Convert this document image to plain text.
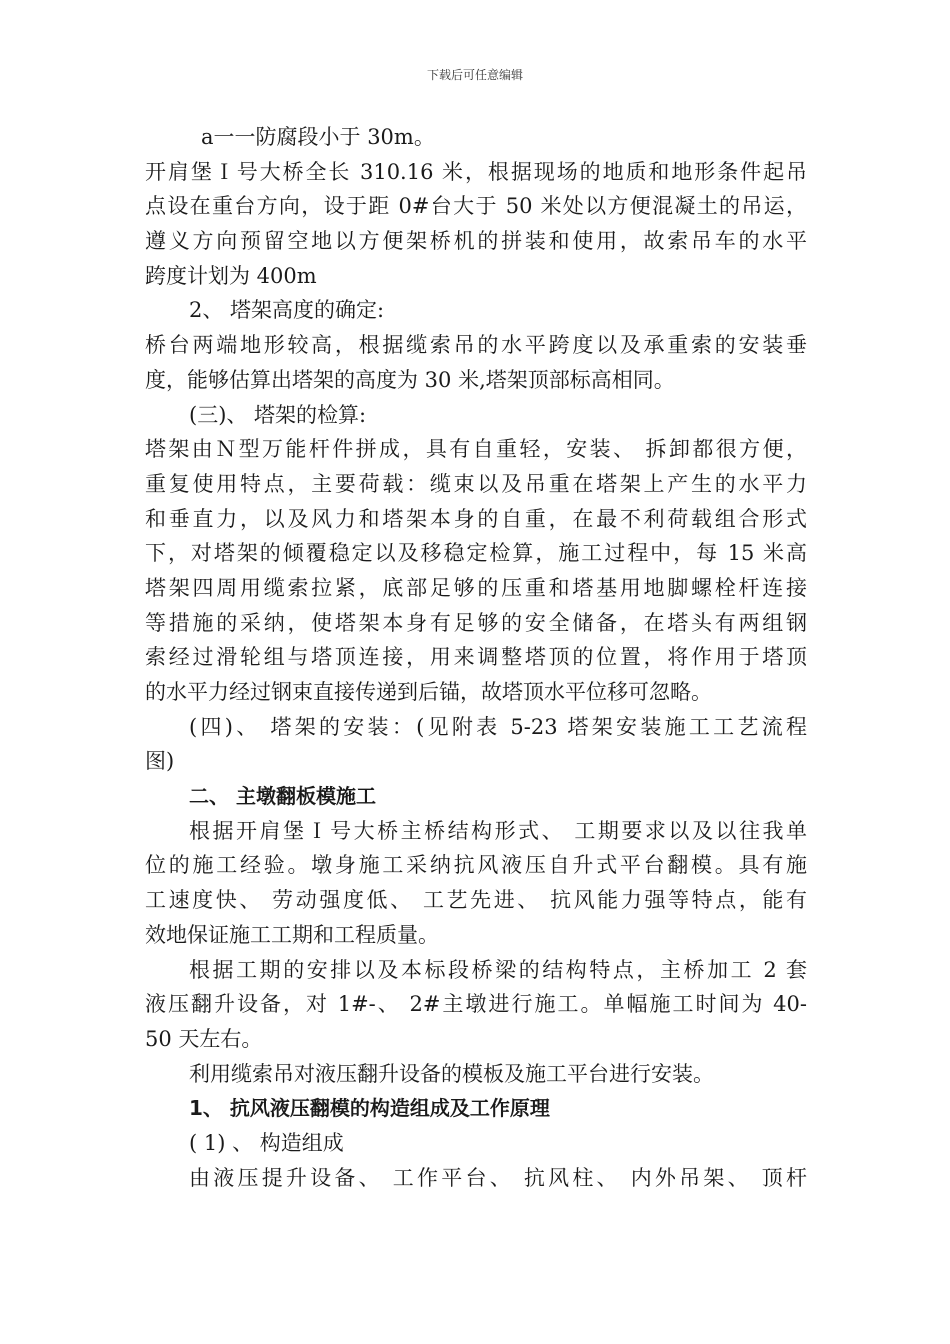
下载后可任意编辑
a一一防腐段小于 30m。
开肩堡Ｉ号大桥全长 310.16 米，根据现场的地质和地形条件起吊
点设在重台方向，设于距 0#台大于 50 米处以方便混凝土的吊运，
遵义方向预留空地以方便架桥机的拼装和使用，故索吊车的水平
跨度计划为 400m
2、 塔架高度的确定:
桥台两端地形较高，根据缆索吊的水平跨度以及承重索的安装垂
度，能够估算出塔架的高度为 30 米,塔架顶部标高相同。
(三)、 塔架的检算:
塔架由Ｎ型万能杆件拼成，具有自重轻，安装、 拆卸都很方便，
重复使用特点，主要荷载：缆束以及吊重在塔架上产生的水平力
和垂直力，以及风力和塔架本身的自重，在最不利荷载组合形式
下，对塔架的倾覆稳定以及移稳定检算，施工过程中，每 15 米高
塔架四周用缆索拉紧，底部足够的压重和塔基用地脚螺栓杆连接
等措施的采纳，使塔架本身有足够的安全储备，在塔头有两组钢
索经过滑轮组与塔顶连接，用来调整塔顶的位置，将作用于塔顶
的水平力经过钢束直接传递到后锚，故塔顶水平位移可忽略。
(四)、 塔架的安装：(见附表 5-23 塔架安装施工工艺流程
图)
二、 主墩翻板模施工
根据开肩堡Ｉ号大桥主桥结构形式、 工期要求以及以往我单
位的施工经验。墩身施工采纳抗风液压自升式平台翻模。具有施
工速度快、 劳动强度低、 工艺先进、 抗风能力强等特点，能有
效地保证施工工期和工程质量。
根据工期的安排以及本标段桥梁的结构特点，主桥加工 2 套
液压翻升设备，对 1#-、 2#主墩进行施工。单幅施工时间为 40-
50 天左右。
利用缆索吊对液压翻升设备的模板及施工平台进行安装。
1、 抗风液压翻模的构造组成及工作原理
( 1) 、 构造组成
由液压提升设备、 工作平台、 抗风柱、 内外吊架、 顶杆
